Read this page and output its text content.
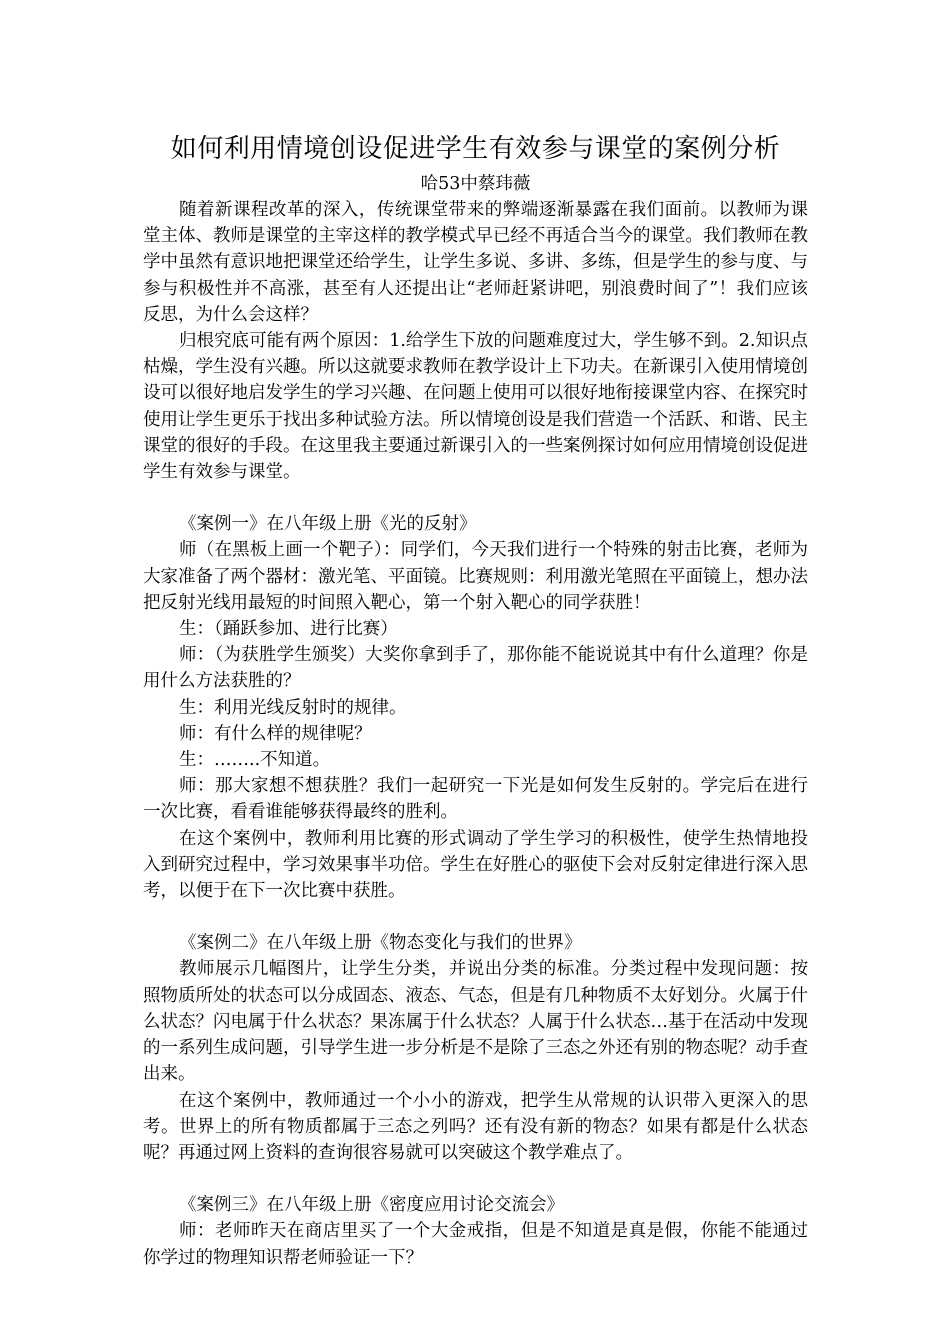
如何利用情境创设促进学生有效参与课堂的案例分析
哈53中蔡玮薇

随着新课程改革的深入，传统课堂带来的弊端逐渐暴露在我们面前。以教师为课堂主体、教师是课堂的主宰这样的教学模式早已经不再适合当今的课堂。我们教师在教学中虽然有意识地把课堂还给学生，让学生多说、多讲、多练，但是学生的参与度、与参与积极性并不高涨，甚至有人还提出让“老师赶紧讲吧，别浪费时间了”！我们应该反思，为什么会这样？

归根究底可能有两个原因：1.给学生下放的问题难度过大，学生够不到。2.知识点枯燥，学生没有兴趣。所以这就要求教师在教学设计上下功夫。在新课引入使用情境创设可以很好地启发学生的学习兴趣、在问题上使用可以很好地衔接课堂内容、在探究时使用让学生更乐于找出多种试验方法。所以情境创设是我们营造一个活跃、和谐、民主课堂的很好的手段。在这里我主要通过新课引入的一些案例探讨如何应用情境创设促进学生有效参与课堂。

《案例一》在八年级上册《光的反射》

师（在黑板上画一个靶子）：同学们，今天我们进行一个特殊的射击比赛，老师为大家准备了两个器材：激光笔、平面镜。比赛规则：利用激光笔照在平面镜上，想办法把反射光线用最短的时间照入靶心，第一个射入靶心的同学获胜！

生：（踊跃参加、进行比赛）

师：（为获胜学生颁奖）大奖你拿到手了，那你能不能说说其中有什么道理？你是用什么方法获胜的？

生：利用光线反射时的规律。

师：有什么样的规律呢？

生：……..不知道。

师：那大家想不想获胜？我们一起研究一下光是如何发生反射的。学完后在进行一次比赛，看看谁能够获得最终的胜利。

在这个案例中，教师利用比赛的形式调动了学生学习的积极性，使学生热情地投入到研究过程中，学习效果事半功倍。学生在好胜心的驱使下会对反射定律进行深入思考，以便于在下一次比赛中获胜。

《案例二》在八年级上册《物态变化与我们的世界》

教师展示几幅图片，让学生分类，并说出分类的标准。分类过程中发现问题：按照物质所处的状态可以分成固态、液态、气态，但是有几种物质不太好划分。火属于什么状态？闪电属于什么状态？果冻属于什么状态？人属于什么状态…基于在活动中发现的一系列生成问题，引导学生进一步分析是不是除了三态之外还有别的物态呢？动手查出来。

在这个案例中，教师通过一个小小的游戏，把学生从常规的认识带入更深入的思考。世界上的所有物质都属于三态之列吗？还有没有新的物态？如果有都是什么状态呢？再通过网上资料的查询很容易就可以突破这个教学难点了。

《案例三》在八年级上册《密度应用讨论交流会》

师：老师昨天在商店里买了一个大金戒指，但是不知道是真是假，你能不能通过你学过的物理知识帮老师验证一下？
